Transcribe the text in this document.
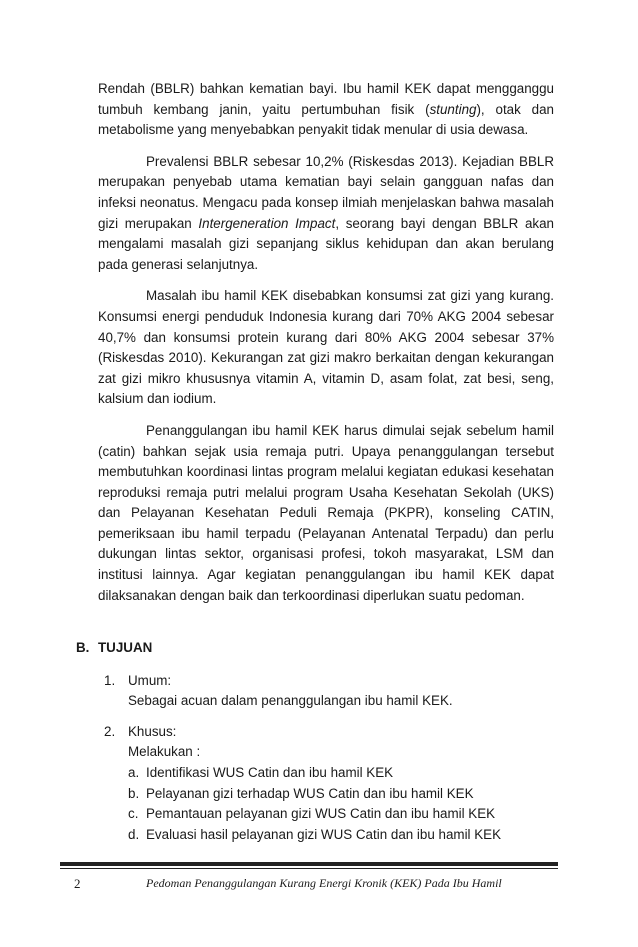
Rendah (BBLR) bahkan kematian bayi. Ibu hamil KEK dapat mengganggu tumbuh kembang janin, yaitu pertumbuhan fisik (stunting), otak dan metabolisme yang menyebabkan penyakit tidak menular di usia dewasa.

Prevalensi BBLR sebesar 10,2% (Riskesdas 2013). Kejadian BBLR merupakan penyebab utama kematian bayi selain gangguan nafas dan infeksi neonatus. Mengacu pada konsep ilmiah menjelaskan bahwa masalah gizi merupakan Intergeneration Impact, seorang bayi dengan BBLR akan mengalami masalah gizi sepanjang siklus kehidupan dan akan berulang pada generasi selanjutnya.

Masalah ibu hamil KEK disebabkan konsumsi zat gizi yang kurang. Konsumsi energi penduduk Indonesia kurang dari 70% AKG 2004 sebesar 40,7% dan konsumsi protein kurang dari 80% AKG 2004 sebesar 37% (Riskesdas 2010). Kekurangan zat gizi makro berkaitan dengan kekurangan zat gizi mikro khususnya vitamin A, vitamin D, asam folat, zat besi, seng, kalsium dan iodium.

Penanggulangan ibu hamil KEK harus dimulai sejak sebelum hamil (catin) bahkan sejak usia remaja putri. Upaya penanggulangan tersebut membutuhkan koordinasi lintas program melalui kegiatan edukasi kesehatan reproduksi remaja putri melalui program Usaha Kesehatan Sekolah (UKS) dan Pelayanan Kesehatan Peduli Remaja (PKPR), konseling CATIN, pemeriksaan ibu hamil terpadu (Pelayanan Antenatal Terpadu) dan perlu dukungan lintas sektor, organisasi profesi, tokoh masyarakat, LSM dan institusi lainnya. Agar kegiatan penanggulangan ibu hamil KEK dapat dilaksanakan dengan baik dan terkoordinasi diperlukan suatu pedoman.

B. TUJUAN
1. Umum:
Sebagai acuan dalam penanggulangan ibu hamil KEK.
2. Khusus:
Melakukan :
a. Identifikasi WUS Catin dan ibu hamil KEK
b. Pelayanan gizi terhadap WUS Catin dan ibu hamil KEK
c. Pemantauan pelayanan gizi WUS Catin dan ibu hamil KEK
d. Evaluasi hasil pelayanan gizi WUS Catin dan ibu hamil KEK
2	Pedoman Penanggulangan Kurang Energi Kronik (KEK) Pada Ibu Hamil
